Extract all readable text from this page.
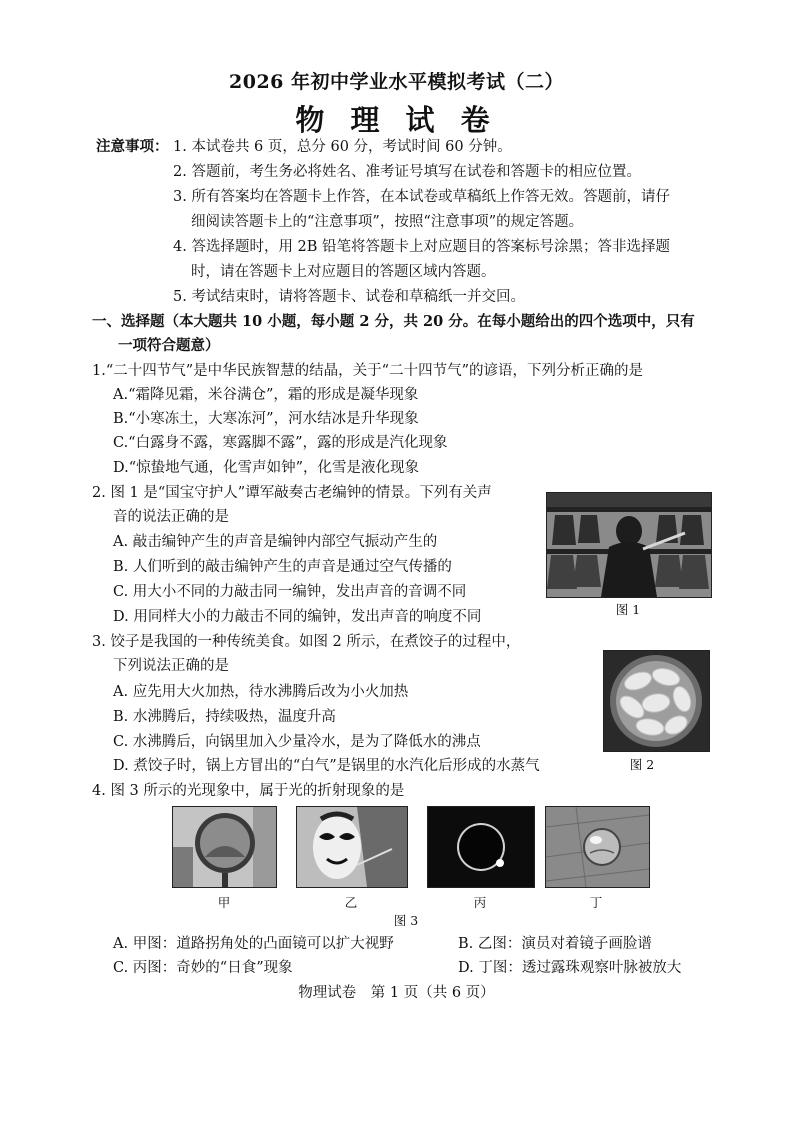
2026 年初中学业水平模拟考试（二）
物 理 试 卷
注意事项： 1. 本试卷共 6 页，总分 60 分，考试时间 60 分钟。
2. 答题前，考生务必将姓名、准考证号填写在试卷和答题卡的相应位置。
3. 所有答案均在答题卡上作答，在本试卷或草稿纸上作答无效。答题前，请仔
细阅读答题卡上的“注意事项”，按照“注意事项”的规定答题。
4. 答选择题时，用 2B 铅笔将答题卡上对应题目的答案标号涂黑；答非选择题
时，请在答题卡上对应题目的答题区域内答题。
5. 考试结束时，请将答题卡、试卷和草稿纸一并交回。
一、选择题（本大题共 10 小题，每小题 2 分，共 20 分。在每小题给出的四个选项中，只有
一项符合题意）
1.“二十四节气”是中华民族智慧的结晶，关于“二十四节气”的谚语，下列分析正确的是
A.“霜降见霜，米谷满仓”，霜的形成是凝华现象
B.“小寒冻土，大寒冻河”，河水结冰是升华现象
C.“白露身不露，寒露脚不露”，露的形成是汽化现象
D.“惊蛰地气通，化雪声如钟”，化雪是液化现象
2. 图 1 是“国宝守护人”谭军敲奏古老编钟的情景。下列有关声
音的说法正确的是
A. 敲击编钟产生的声音是编钟内部空气振动产生的
B. 人们听到的敲击编钟产生的声音是通过空气传播的
C. 用大小不同的力敲击同一编钟，发出声音的音调不同
D. 用同样大小的力敲击不同的编钟，发出声音的响度不同	图 1
3. 饺子是我国的一种传统美食。如图 2 所示，在煮饺子的过程中，
下列说法正确的是
A. 应先用大火加热，待水沸腾后改为小火加热
B. 水沸腾后，持续吸热，温度升高
C. 水沸腾后，向锅里加入少量冷水，是为了降低水的沸点
D. 煮饺子时，锅上方冒出的“白气”是锅里的水汽化后形成的水蒸气	图 2
4. 图 3 所示的光现象中，属于光的折射现象的是
甲	乙	丙	丁
图 3
A. 甲图：道路拐角处的凸面镜可以扩大视野	B. 乙图：演员对着镜子画脸谱
C. 丙图：奇妙的“日食”现象	D. 丁图：透过露珠观察叶脉被放大
物理试卷　第 1 页（共 6 页）
